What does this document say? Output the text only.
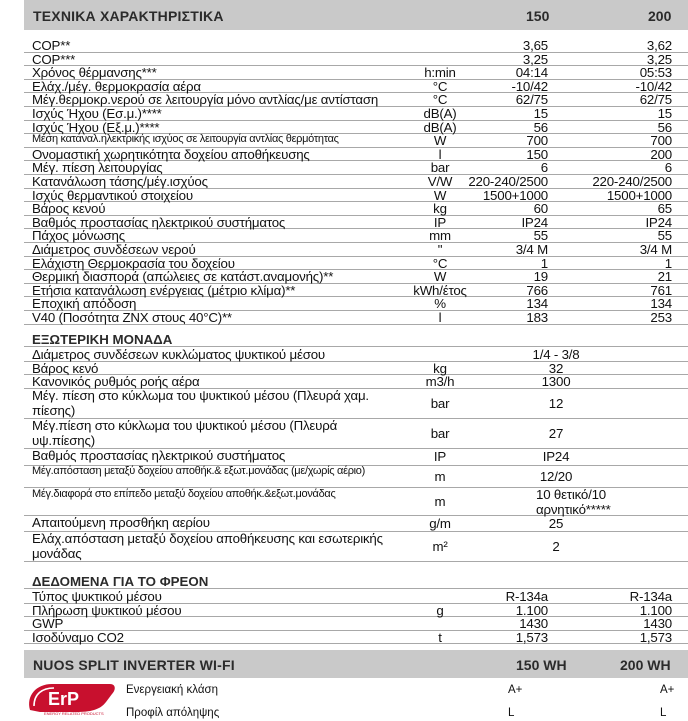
ΤΕΧΝΙΚΑ ΧΑΡΑΚΤΗΡΙΣΤΙΚΑ	150	200
COP**	3,65	3,62
COP***	3,25	3,25
Χρόνος θέρμανσης***	h:min	04:14	05:53
Ελάχ./μέγ. θερμοκρασία αέρα	°C	-10/42	-10/42
Μέγ.θερμοκρ.νερού σε λειτουργία μόνο αντλίας/με αντίσταση	°C	62/75	62/75
Ισχύς Ήχου (Εσ.μ.)****	dB(A)	15	15
Ισχύς Ήχου (Εξ.μ.)****	dB(A)	56	56
Μέση καταναλ.ηλεκτρικής ισχύος σε λειτουργία αντλίας θερμότητας	W	700	700
Ονομαστική χωρητικότητα δοχείου αποθήκευσης	l	150	200
Μέγ. πίεση λειτουργίας	bar	6	6
Κατανάλωση τάσης/μέγ.ισχύος	V/W	220-240/2500	220-240/2500
Ισχύς θερμαντικού στοιχείου	W	1500+1000	1500+1000
Βάρος κενού	kg	60	65
Βαθμός προστασίας ηλεκτρικού συστήματος	IP	IP24	IP24
Πάχος μόνωσης	mm	55	55
Διάμετρος συνδέσεων νερού	"	3/4 M	3/4 M
Ελάχιστη Θερμοκρασία του δοχείου	°C	1	1
Θερμική διασπορά (απώλειες σε κατάστ.αναμονής)**	W	19	21
Ετήσια κατανάλωση ενέργειας (μέτριο κλίμα)**	kWh/έτος	766	761
Εποχική απόδοση	%	134	134
V40 (Ποσότητα ZNX στους 40°C)**	l	183	253
ΕΞΩΤΕΡΙΚΗ ΜΟΝΑΔΑ
Διάμετρος συνδέσεων κυκλώματος ψυκτικού μέσου	1/4 - 3/8
Βάρος κενό	kg	32
Κανονικός ρυθμός ροής αέρα	m3/h	1300
Μέγ. πίεση στο κύκλωμα του ψυκτικού μέσου (Πλευρά χαμ. πίεσης)	bar	12
Μέγ.πίεση στο κύκλωμα του ψυκτικού μέσου (Πλευρά υψ.πίεσης)	bar	27
Βαθμός προστασίας ηλεκτρικού συστήματος	IP	IP24
Μέγ.απόσταση μεταξύ δοχείου αποθήκ.& εξωτ.μονάδας (με/χωρίς αέριο)	m	12/20
Μέγ.διαφορά στο επίπεδο μεταξύ δοχείου αποθήκ.&εξωτ.μονάδας	m	10 θετικό/10 αρνητικό*****
Απαιτούμενη προσθήκη αερίου	g/m	25
Ελάχ.απόσταση μεταξύ δοχείου αποθήκευσης και εσωτερικής μονάδας	m²	2
ΔΕΔΟΜΕΝΑ ΓΙΑ ΤΟ ΦΡΕΟΝ
Τύπος ψυκτικού μέσου	R-134a	R-134a
Πλήρωση ψυκτικού μέσου	g	1.100	1.100
GWP	1430	1430
Ισοδύναμο CO2	t	1,573	1,573
NUOS SPLIT INVERTER WI-FI	150 WH	200 WH
ErP
ENERGY RELATED PRODUCTS
Ενεργειακή κλάση	A+	A+
Προφίλ απόληψης	L	L
